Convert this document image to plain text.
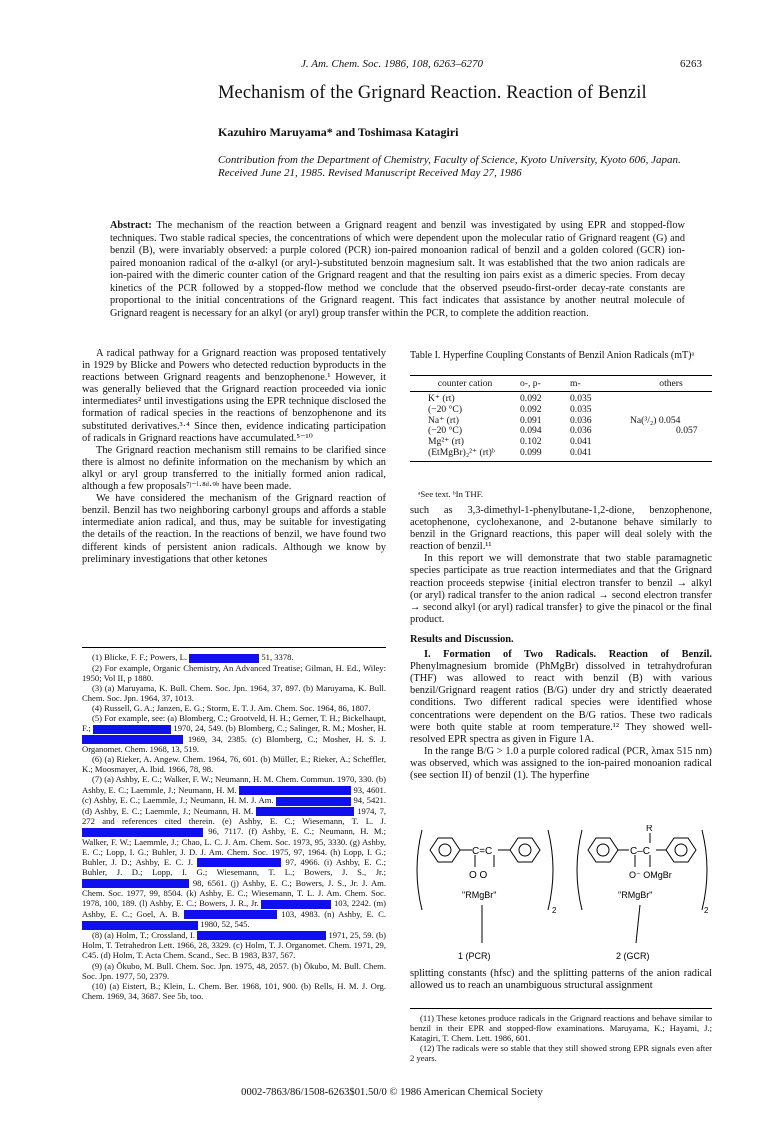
J. Am. Chem. Soc. 1986, 108, 6263–6270	6263
Mechanism of the Grignard Reaction. Reaction of Benzil
Kazuhiro Maruyama* and Toshimasa Katagiri
Contribution from the Department of Chemistry, Faculty of Science, Kyoto University, Kyoto 606, Japan. Received June 21, 1985. Revised Manuscript Received May 27, 1986
Abstract: The mechanism of the reaction between a Grignard reagent and benzil was investigated by using EPR and stopped-flow techniques. Two stable radical species, the concentrations of which were dependent upon the molecular ratio of Grignard reagent (G) and benzil (B), were invariably observed: a purple colored (PCR) ion-paired monoanion radical of benzil and a golden colored (GCR) ion-paired monoanion radical of the α-alkyl (or aryl-)-substituted benzoin magnesium salt. It was established that the two anion radicals are ion-paired with the dimeric counter cation of the Grignard reagent and that the resulting ion pairs exist as a dimeric species. From decay kinetics of the PCR followed by a stopped-flow method we conclude that the observed pseudo-first-order decay-rate constants are proportional to the initial concentrations of the Grignard reagent. This fact indicates that assistance by another neutral molecule of Grignard reagent is necessary for an alkyl (or aryl) group transfer within the PCR, to complete the addition reaction.

A radical pathway for a Grignard reaction was proposed tentatively in 1929 by Blicke and Powers who detected reduction byproducts in the reactions between Grignard reagents and benzophenone.¹ However, it was generally believed that the Grignard reaction proceeded via ionic intermediates² until investigations using the EPR technique disclosed the formation of radical species in the reactions of benzophenone and its substituted derivatives.³·⁴ Since then, evidence indicating participation of radicals in Grignard reactions have accumulated.⁵⁻¹⁰

The Grignard reaction mechanism still remains to be clarified since there is almost no definite information on the mechanism by which an alkyl or aryl group transferred to the initially formed anion radical, although a few proposals⁷ʲ⁻ˡ·⁸ᵈ·⁹ᵇ have been made.

We have considered the mechanism of the Grignard reaction of benzil. Benzil has two neighboring carbonyl groups and affords a stable intermediate anion radical, and thus, may be suitable for investigating the details of the reaction. In the reactions of benzil, we have found two different kinds of persistent anion radicals. Although we know by preliminary investigations that other ketones

(1) Blicke, F. F.; Powers, L.	51, 3378.
(2) For example, Organic Chemistry, An Advanced Treatise; Gilman, H. Ed., Wiley: 1950; Vol II, p 1880.
(3) (a) Maruyama, K. Bull. Chem. Soc. Jpn. 1964, 37, 897. (b) Maruyama, K. Bull. Chem. Soc. Jpn. 1964, 37, 1013.
(4) Russell, G. A.; Janzen, E. G.; Storm, E. T. J. Am. Chem. Soc. 1964, 86, 1807.
(5) For example, see: (a) Blomberg, C.; Grootveld, H. H.; Gerner, T. H.; Bickelhaupt, F.;	1970, 24, 549. (b) Blomberg, C.; Salinger, R. M.; Mosher, H.  1969, 34, 2385. (c) Blomberg, C.; Mosher, H. S. J. Organomet. Chem. 1968, 13, 519.
(6) (a) Rieker, A. Angew. Chem. 1964, 76, 601. (b) Müller, E.; Rieker, A.; Scheffler, K.; Moosmayer, A. Ibid. 1966, 78, 98.
(7) (a) Ashby, E. C.; Walker, F. W.; Neumann, H. M. Chem. Commun. 1970, 330. (b) Ashby, E. C.; Laemmle, J.; Neumann, H. M.	93, 4601. (c) Ashby, E. C.; Laemmle, J.; Neumann, H. M. J. Am.	94, 5421. (d) Ashby, E. C.; Laemmle, J.; Neumann, H. M.	1974, 7, 272 and references cited therein. (e) Ashby, E. C.; Wiesemann, T. L. J.  96, 7117. (f) Ashby, E. C.; Neumann, H. M.; Walker, F. W.; Laemmle, J.; Chao, L. C. J. Am. Chem. Soc. 1973, 95, 3330. (g) Ashby, E. C.; Lopp, I. G.; Buhler, J. D. J. Am. Chem. Soc. 1975, 97, 1964. (h) Lopp, I. G.; Buhler, J. D.; Ashby, E. C. J.	97, 4966. (i) Ashby, E. C.; Buhler, J. D.; Lopp, I. G.; Wiesemann, T. L.; Bowers, J. S., Jr.;  98, 6561. (j) Ashby, E. C.; Bowers, J. S., Jr. J. Am. Chem. Soc. 1977, 99, 8504. (k) Ashby, E. C.; Wiesemann, T. L. J. Am. Chem. Soc. 1978, 100, 189. (l) Ashby, E. C.; Bowers, J. R., Jr.	103, 2242. (m) Ashby, E. C.; Goel, A. B.	103, 4983. (n) Ashby, E. C.  1980, 52, 545.
(8) (a) Holm, T.; Crossland, I.	1971, 25, 59. (b) Holm, T. Tetrahedron Lett. 1966, 28, 3329. (c) Holm, T. J. Organomet. Chem. 1971, 29, C45. (d) Holm, T. Acta Chem. Scand., Sec. B 1983, B37, 567.
(9) (a) Ōkubo, M. Bull. Chem. Soc. Jpn. 1975, 48, 2057. (b) Ōkubo, M. Bull. Chem. Soc. Jpn. 1977, 50, 2379.
(10) (a) Eistert, B.; Klein, L. Chem. Ber. 1968, 101, 900. (b) Rells, H. M. J. Org. Chem. 1969, 34, 3687. See 5b, too.
Table I. Hyperfine Coupling Constants of Benzil Anion Radicals (mT)ᵃ
counter cation	o-, p-	m-	others
K⁺ (rt)	0.092	0.035	
(−20 °C)	0.092	0.035	
Na⁺ (rt)	0.091	0.036	Na(³/₂) 0.054
(−20 °C)	0.094	0.036	0.057
Mg²⁺ (rt)	0.102	0.041	
(EtMgBr)₂²⁺ (rt)ᵇ	0.099	0.041	
ᵃSee text. ᵇIn THF.

such as 3,3-dimethyl-1-phenylbutane-1,2-dione, benzophenone, acetophenone, cyclohexanone, and 2-butanone behave similarly to benzil in the Grignard reactions, this paper will deal solely with the reaction of benzil.¹¹

In this report we will demonstrate that two stable paramagnetic species participate as true reaction intermediates and that the Grignard reaction proceeds stepwise {initial electron transfer to benzil → alkyl (or aryl) radical transfer to the anion radical → second electron transfer → second alkyl (or aryl) radical transfer} to give the pinacol or the final product.

Results and Discussion.

I. Formation of Two Radicals. Reaction of Benzil. Phenylmagnesium bromide (PhMgBr) dissolved in tetrahydrofuran (THF) was allowed to react with benzil (B) with various benzil/Grignard reagent ratios (B/G) under dry and strictly deaerated conditions. Two different radical species were identified whose concentrations were dependent on the B/G ratios. These two radicals were both quite stable at room temperature.¹² They showed well-resolved EPR spectra as given in Figure 1A.

In the range B/G > 1.0 a purple colored radical (PCR, λmax 515 nm) was observed, which was assigned to the ion-paired monoanion radical (see section II) of benzil (1). The hyperfine

C=C
O O
"RMgBr"
2
1 (PCR)
R
C–C
O⁻ OMgBr
"RMgBr"
2
2 (GCR)

splitting constants (hfsc) and the splitting patterns of the anion radical allowed us to reach an unambiguous structural assignment

(11) These ketones produce radicals in the Grignard reactions and behave similar to benzil in their EPR and stopped-flow examinations. Maruyama, K.; Hayami, J.; Katagiri, T. Chem. Lett. 1986, 601.
(12) The radicals were so stable that they still showed strong EPR signals even after 2 years.
0002-7863/86/1508-6263$01.50/0 © 1986 American Chemical Society
